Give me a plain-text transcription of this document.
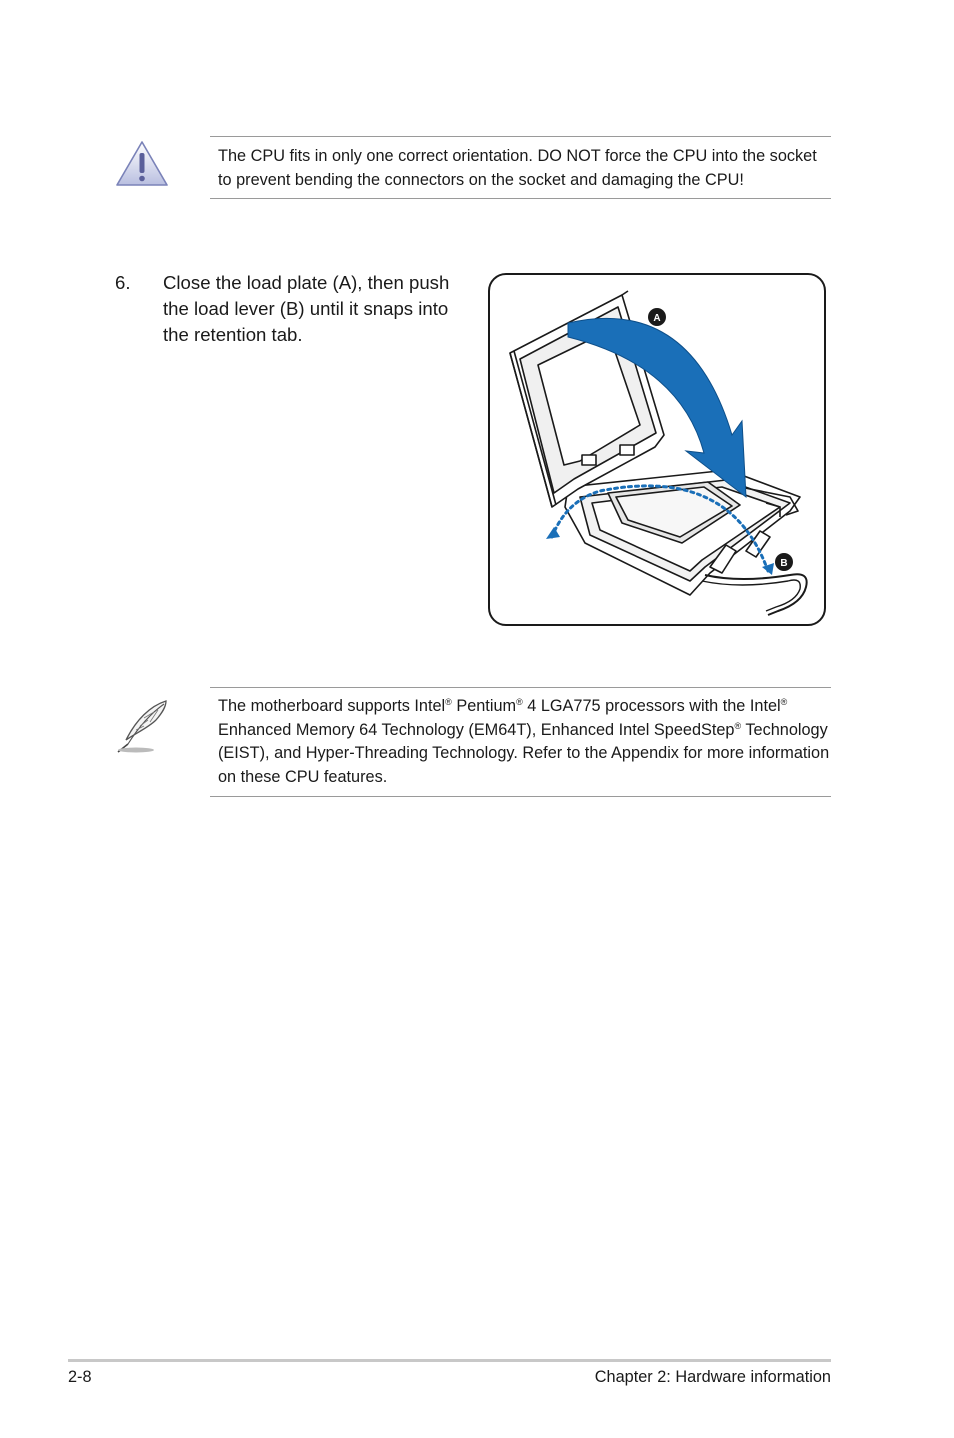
The CPU fits in only one correct orientation. DO NOT force the CPU into the socket to prevent bending the connectors on the socket and damaging the CPU!
6. Close the load plate (A), then push the load lever (B) until it snaps into the retention tab.
A
B
The motherboard supports Intel® Pentium® 4 LGA775 processors with the Intel® Enhanced Memory 64 Technology (EM64T), Enhanced Intel SpeedStep® Technology (EIST), and Hyper-Threading Technology. Refer to the Appendix for more information on these CPU features.
2-8	Chapter 2: Hardware information
